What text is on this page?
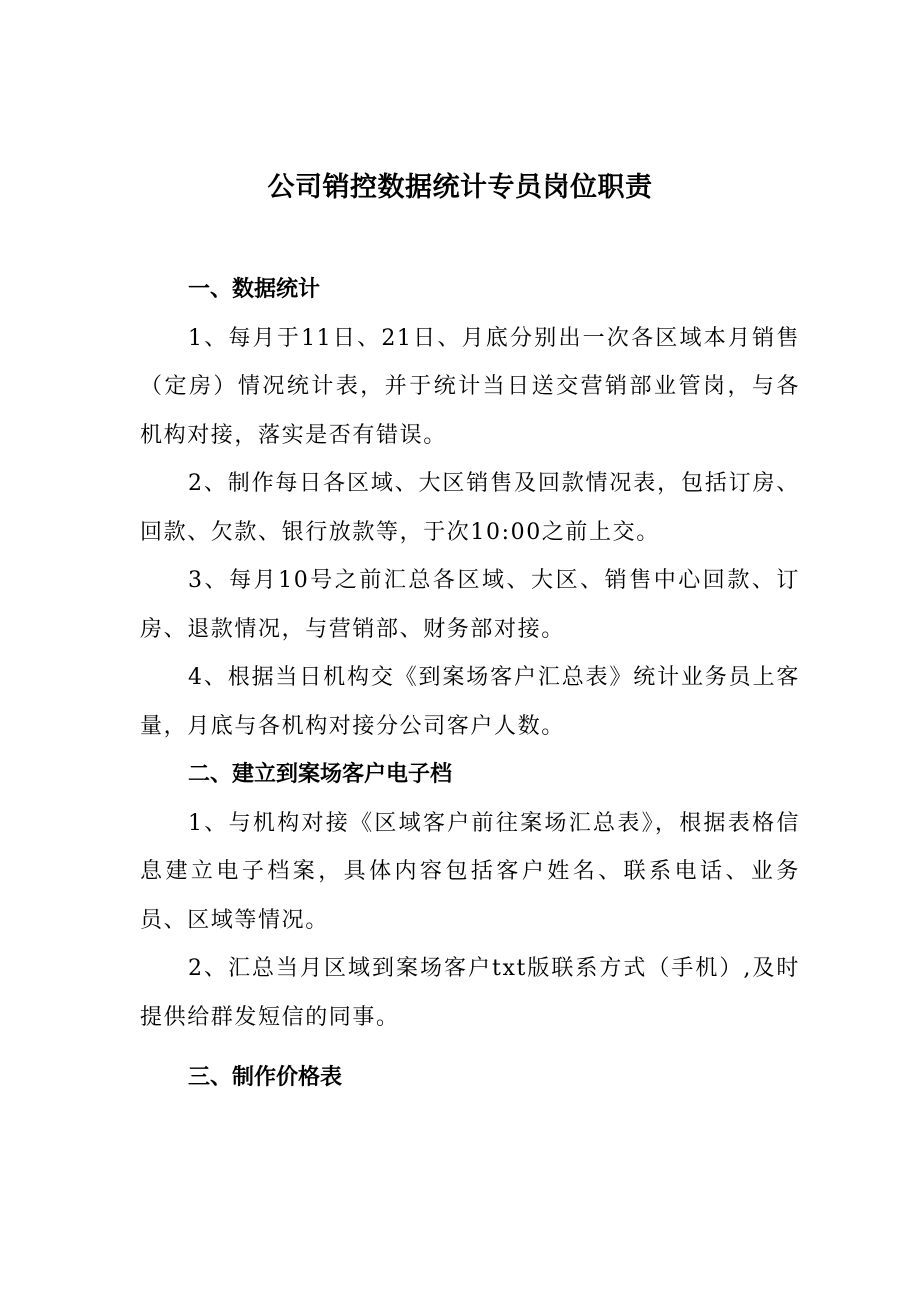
公司销控数据统计专员岗位职责

一、数据统计

1、每月于11日、21日、月底分别出一次各区域本月销售（定房）情况统计表，并于统计当日送交营销部业管岗，与各机构对接，落实是否有错误。

2、制作每日各区域、大区销售及回款情况表，包括订房、回款、欠款、银行放款等，于次10:00之前上交。

3、每月10号之前汇总各区域、大区、销售中心回款、订房、退款情况，与营销部、财务部对接。

4、根据当日机构交《到案场客户汇总表》统计业务员上客量，月底与各机构对接分公司客户人数。

二、建立到案场客户电子档

1、与机构对接《区域客户前往案场汇总表》，根据表格信息建立电子档案，具体内容包括客户姓名、联系电话、业务员、区域等情况。

2、汇总当月区域到案场客户txt版联系方式（手机）,及时提供给群发短信的同事。

三、制作价格表
